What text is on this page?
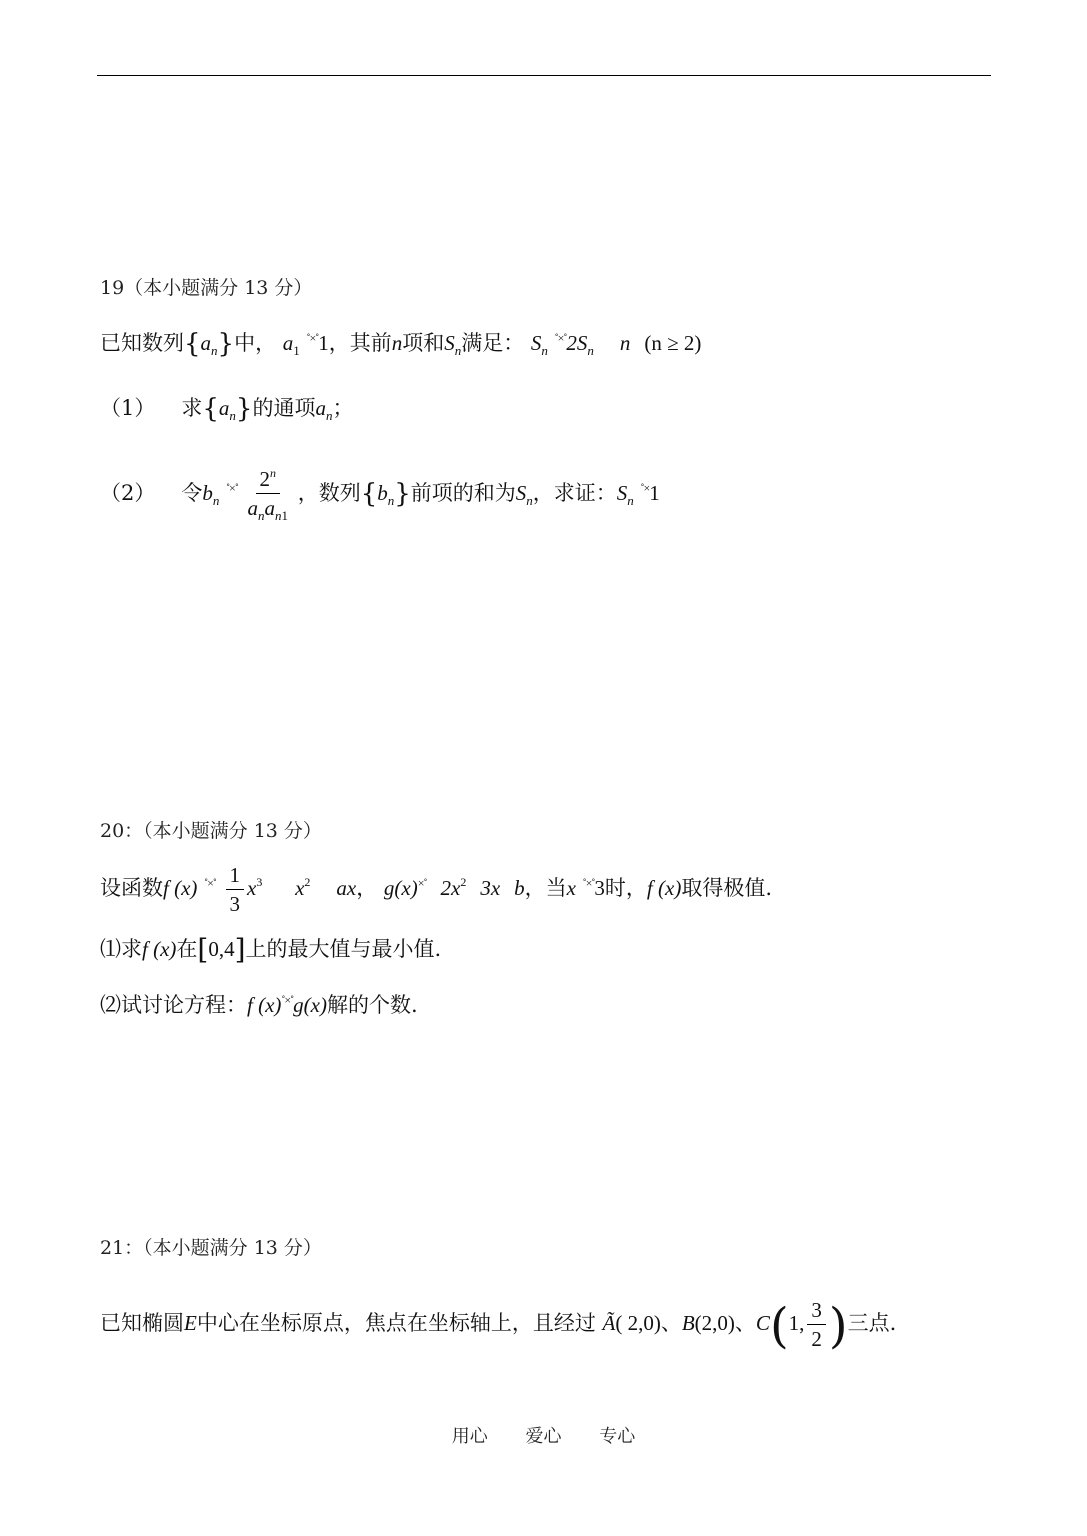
19（本小题满分 13 分）
已知数列$\{a_n\}$中， $a_1$ ˚×˚1，其前n项和$S_n$满足： $S_n$ $^{˚\times˚}2S_n$ n (n ≥ 2)
（1） 求$\{a_n\}$的通项$a_n$；
（2） 令$b_n$ $^{˚\times˚} \frac{2^n}{a_na_{n1}}$ ，数列$\{b_n\}$前项的和为$S_n$，求证：$S_n$ ˚×1
20：（本小题满分 13 分）
设函数f (x) $^{˚\times˚} \frac{1}{3} x^3$ $x^2$ ax， g(x)×˚ $2x^2$ 3x b，当x ˚×˚3时，f (x)取得极值.
⑴求f (x)在[0,4]上的最大值与最小值.
⑵试讨论方程：f (x)˚×˚g(x)解的个数.
21：（本小题满分 13 分）
已知椭圆E中心在坐标原点，焦点在坐标轴上，且经过 Ã( 2,0)、B(2,0)、C(1, $\frac{3}{2}$ )三点.
用心 爱心 专心
